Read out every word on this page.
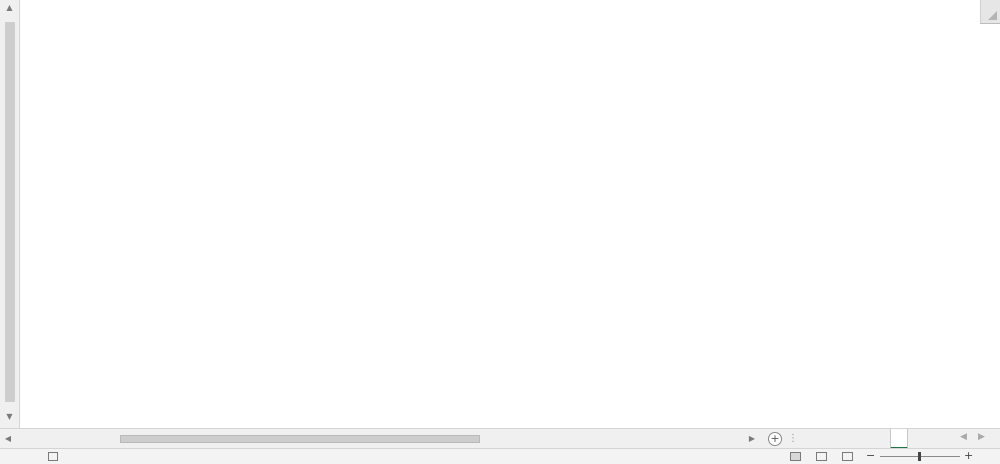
▲
▼
◀	▶ + ⋮	◀ ▶
−	+
